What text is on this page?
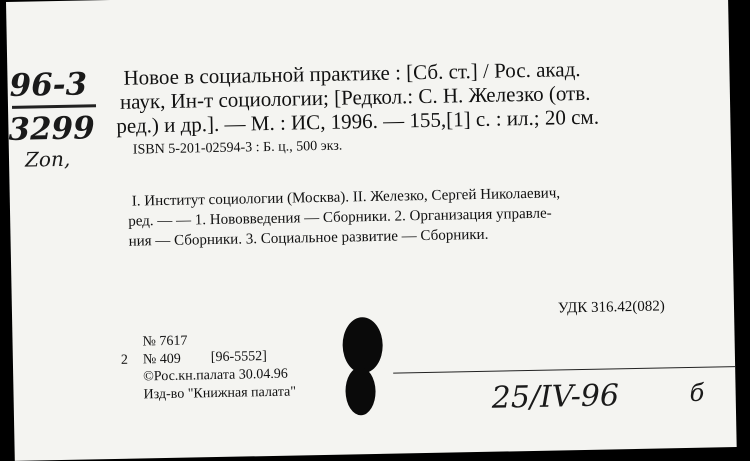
96-3
3299
Zon,
Новое в социальной практике : [Сб. ст.] / Рос. акад.
наук, Ин-т социологии; [Редкол.: С. Н. Железко (отв.
ред.) и др.]. — М. : ИС, 1996. — 155,[1] с. : ил.; 20 см.
ISBN 5-201-02594-3 : Б. ц., 500 экз.
I. Институт социологии (Москва). II. Железко, Сергей Николаевич,
ред. — — 1. Нововведения — Сборники. 2. Организация управле-
ния — Сборники. 3. Социальное развитие — Сборники.
УДК 316.42(082)
№ 7617
2 № 409 [96-5552]
©Рос.кн.палата 30.04.96
Изд-во "Книжная палата"	25/IV-96	б
